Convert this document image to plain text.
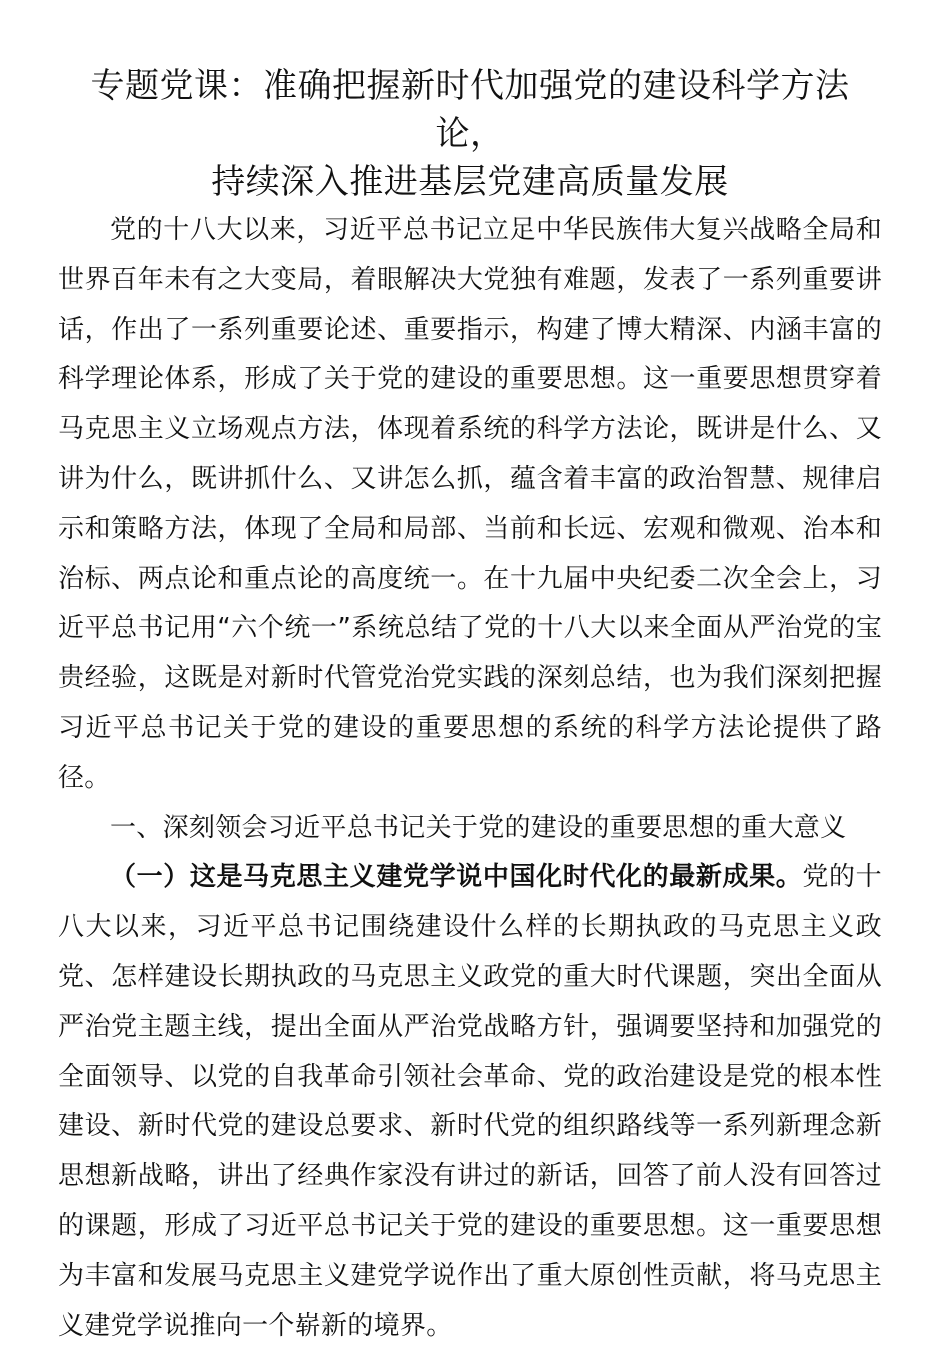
专题党课：准确把握新时代加强党的建设科学方法论，
持续深入推进基层党建高质量发展

党的十八大以来，习近平总书记立足中华民族伟大复兴战略全局和世界百年未有之大变局，着眼解决大党独有难题，发表了一系列重要讲话，作出了一系列重要论述、重要指示，构建了博大精深、内涵丰富的科学理论体系，形成了关于党的建设的重要思想。这一重要思想贯穿着马克思主义立场观点方法，体现着系统的科学方法论，既讲是什么、又讲为什么，既讲抓什么、又讲怎么抓，蕴含着丰富的政治智慧、规律启示和策略方法，体现了全局和局部、当前和长远、宏观和微观、治本和治标、两点论和重点论的高度统一。在十九届中央纪委二次全会上，习近平总书记用“六个统一”系统总结了党的十八大以来全面从严治党的宝贵经验，这既是对新时代管党治党实践的深刻总结，也为我们深刻把握习近平总书记关于党的建设的重要思想的系统的科学方法论提供了路径。

一、深刻领会习近平总书记关于党的建设的重要思想的重大意义

（一）这是马克思主义建党学说中国化时代化的最新成果。党的十八大以来，习近平总书记围绕建设什么样的长期执政的马克思主义政党、怎样建设长期执政的马克思主义政党的重大时代课题，突出全面从严治党主题主线，提出全面从严治党战略方针，强调要坚持和加强党的全面领导、以党的自我革命引领社会革命、党的政治建设是党的根本性建设、新时代党的建设总要求、新时代党的组织路线等一系列新理念新思想新战略，讲出了经典作家没有讲过的新话，回答了前人没有回答过的课题，形成了习近平总书记关于党的建设的重要思想。这一重要思想为丰富和发展马克思主义建党学说作出了重大原创性贡献，将马克思主义建党学说推向一个崭新的境界。
